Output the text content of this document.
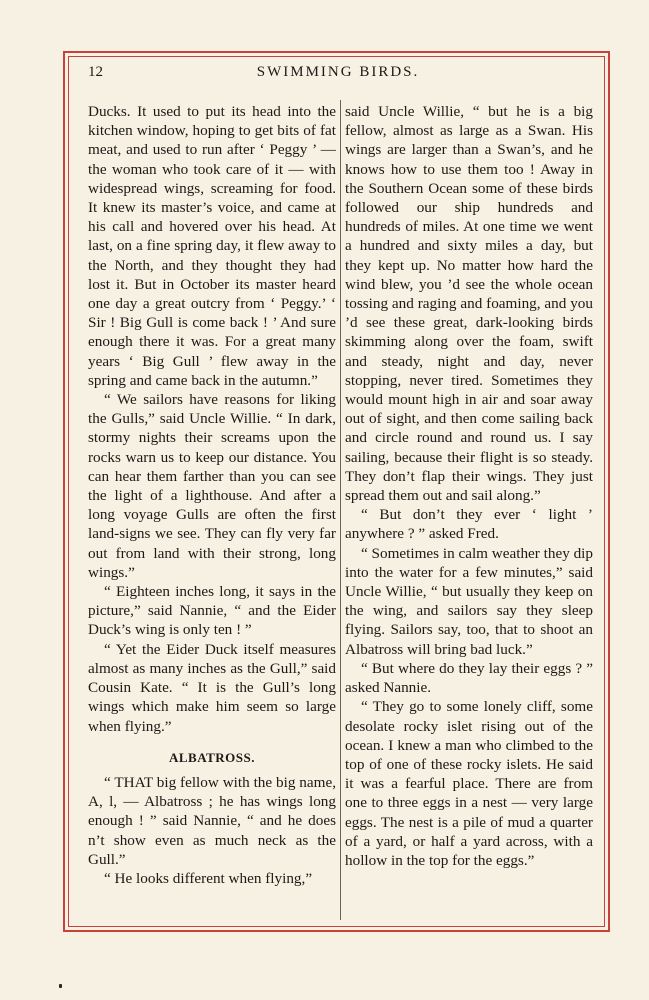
12	SWIMMING BIRDS.

Ducks. It used to put its head into the kitchen window, hoping to get bits of fat meat, and used to run after ‘ Peggy ’ — the woman who took care of it — with widespread wings, screaming for food. It knew its master’s voice, and came at his call and hovered over his head. At last, on a fine spring day, it flew away to the North, and they thought they had lost it. But in October its master heard one day a great outcry from ‘ Peggy.’ ‘ Sir ! Big Gull is come back ! ’ And sure enough there it was. For a great many years ‘ Big Gull ’ flew away in the spring and came back in the autumn.”

“ We sailors have reasons for liking the Gulls,” said Uncle Willie. “ In dark, stormy nights their screams upon the rocks warn us to keep our distance. You can hear them farther than you can see the light of a lighthouse. And after a long voyage Gulls are often the first land-signs we see. They can fly very far out from land with their strong, long wings.”

“ Eighteen inches long, it says in the picture,” said Nannie, “ and the Eider Duck’s wing is only ten ! ”

“ Yet the Eider Duck itself measures almost as many inches as the Gull,” said Cousin Kate. “ It is the Gull’s long wings which make him seem so large when flying.”

ALBATROSS.

“ THAT big fellow with the big name, A, l, — Albatross ; he has wings long enough ! ” said Nannie, “ and he does n’t show even as much neck as the Gull.”

“ He looks different when flying,”

said Uncle Willie, “ but he is a big fellow, almost as large as a Swan. His wings are larger than a Swan’s, and he knows how to use them too ! Away in the Southern Ocean some of these birds followed our ship hundreds and hundreds of miles. At one time we went a hundred and sixty miles a day, but they kept up. No matter how hard the wind blew, you ’d see the whole ocean tossing and raging and foaming, and you ’d see these great, dark-looking birds skimming along over the foam, swift and steady, night and day, never stopping, never tired. Sometimes they would mount high in air and soar away out of sight, and then come sailing back and circle round and round us. I say sailing, because their flight is so steady. They don’t flap their wings. They just spread them out and sail along.”

“ But don’t they ever ‘ light ’ anywhere ? ” asked Fred.

“ Sometimes in calm weather they dip into the water for a few minutes,” said Uncle Willie, “ but usually they keep on the wing, and sailors say they sleep flying. Sailors say, too, that to shoot an Albatross will bring bad luck.”

“ But where do they lay their eggs ? ” asked Nannie.

“ They go to some lonely cliff, some desolate rocky islet rising out of the ocean. I knew a man who climbed to the top of one of these rocky islets. He said it was a fearful place. There are from one to three eggs in a nest — very large eggs. The nest is a pile of mud a quarter of a yard, or half a yard across, with a hollow in the top for the eggs.”
